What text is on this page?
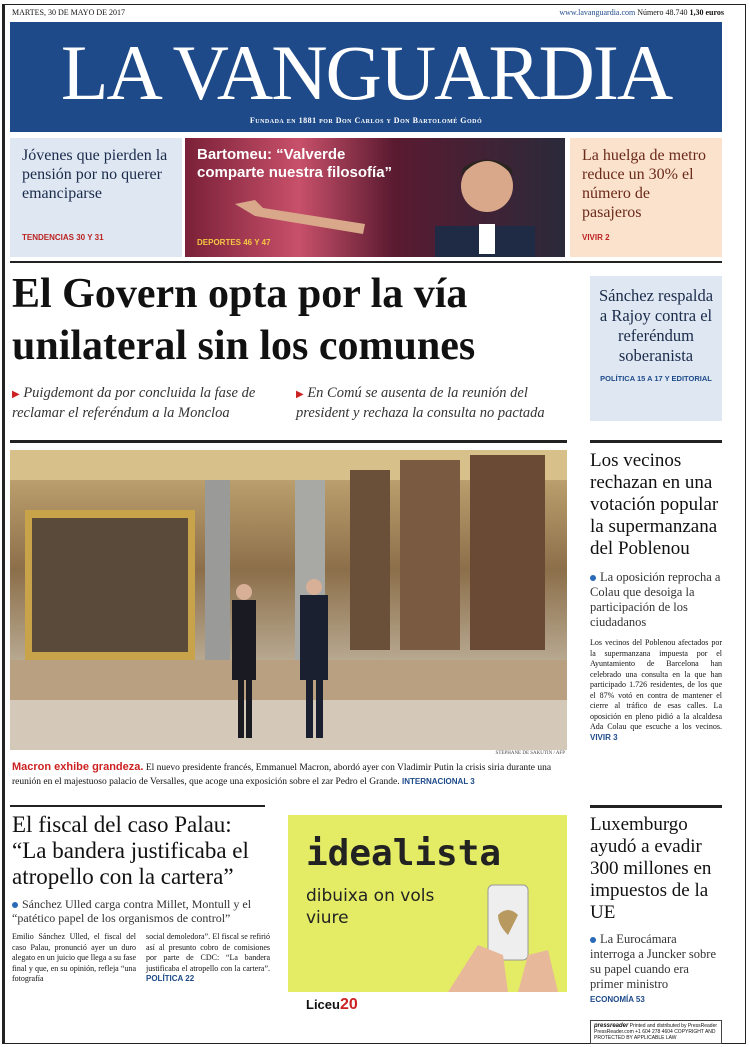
MARTES, 30 DE MAYO DE 2017	www.lavanguardia.com Número 48.740 1,30 euros
LA VANGUARDIA
Fundada en 1881 por Don Carlos y Don Bartolomé Godó
Jóvenes que pierden la pensión por no querer emanciparse
TENDENCIAS 30 Y 31
Bartomeu: “Valverde comparte nuestra filosofía”
DEPORTES 46 Y 47
La huelga de metro reduce un 30% el número de pasajeros
VIVIR 2
El Govern opta por la vía unilateral sin los comunes
▶ Puigdemont da por concluida la fase de reclamar el referéndum a la Moncloa
▶ En Comú se ausenta de la reunión del president y rechaza la consulta no pactada
Sánchez respalda a Rajoy contra el referéndum soberanista
POLÍTICA 15 A 17 Y EDITORIAL
STEPHANE DE SAKUTIN / AFP
Macron exhibe grandeza. El nuevo presidente francés, Emmanuel Macron, abordó ayer con Vladimir Putin la crisis siria durante una reunión en el majestuoso palacio de Versalles, que acoge una exposición sobre el zar Pedro el Grande. INTERNACIONAL 3
Los vecinos rechazan en una votación popular la supermanzana del Poblenou
La oposición reprocha a Colau que desoiga la participación de los ciudadanos
Los vecinos del Poblenou afectados por la supermanzana impuesta por el Ayuntamiento de Barcelona han celebrado una consulta en la que han participado 1.726 residentes, de los que el 87% votó en contra de mantener el cierre al tráfico de esas calles. La oposición en pleno pidió a la alcaldesa Ada Colau que escuche a los vecinos. VIVIR 3
El fiscal del caso Palau: “La bandera justificaba el atropello con la cartera”
Sánchez Ulled carga contra Millet, Montull y el “patético papel de los organismos de control”
Emilio Sánchez Ulled, el fiscal del caso Palau, pronunció ayer un duro alegato en un juicio que llega a su fase final y que, en su opinión, refleja “una fotografía
social demoledora”. El fiscal se refirió así al presunto cobro de comisiones por parte de CDC: “La bandera justificaba el atropello con la cartera”. POLÍTICA 22
idealista
dibuixa on vols viure
Liceu20
Luxemburgo ayudó a evadir 300 millones en impuestos de la UE
La Eurocámara interroga a Juncker sobre su papel cuando era primer ministro
ECONOMÍA 53
pressreader Printed and distributed by PressReader PressReader.com +1 604 278 4604 COPYRIGHT AND PROTECTED BY APPLICABLE LAW
